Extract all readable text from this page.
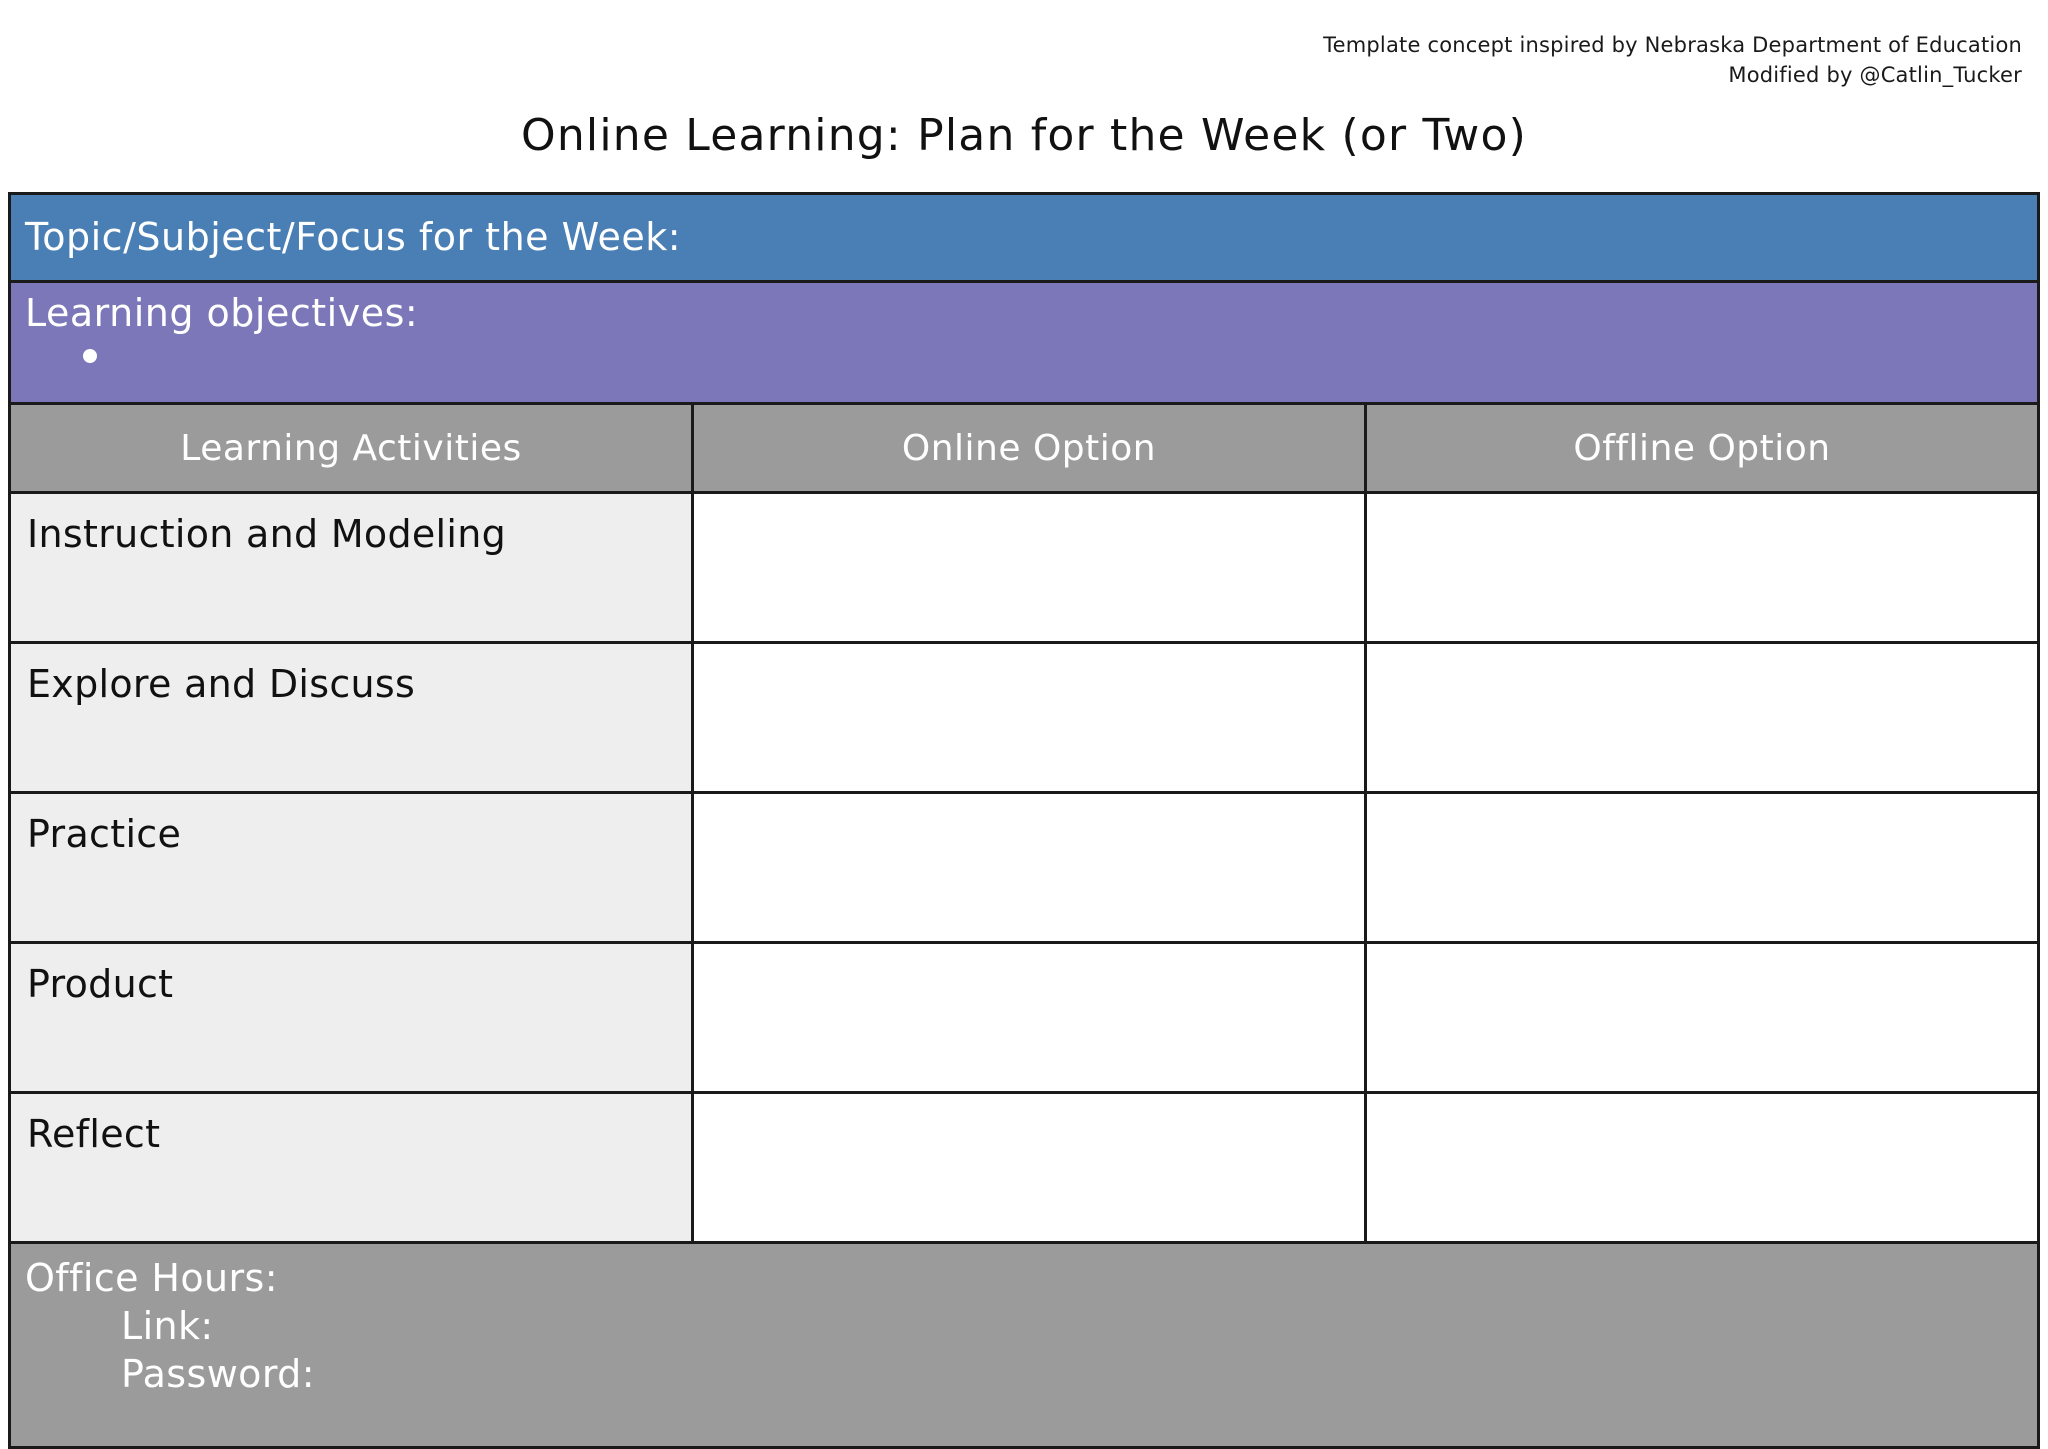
Template concept inspired by Nebraska Department of Education
Modified by @Catlin_Tucker
Online Learning: Plan for the Week (or Two)
Topic/Subject/Focus for the Week:
Learning objectives:
Learning Activities	Online Option	Offline Option
Instruction and Modeling
Explore and Discuss
Practice
Product
Reflect
Office Hours:
Link:
Password:
